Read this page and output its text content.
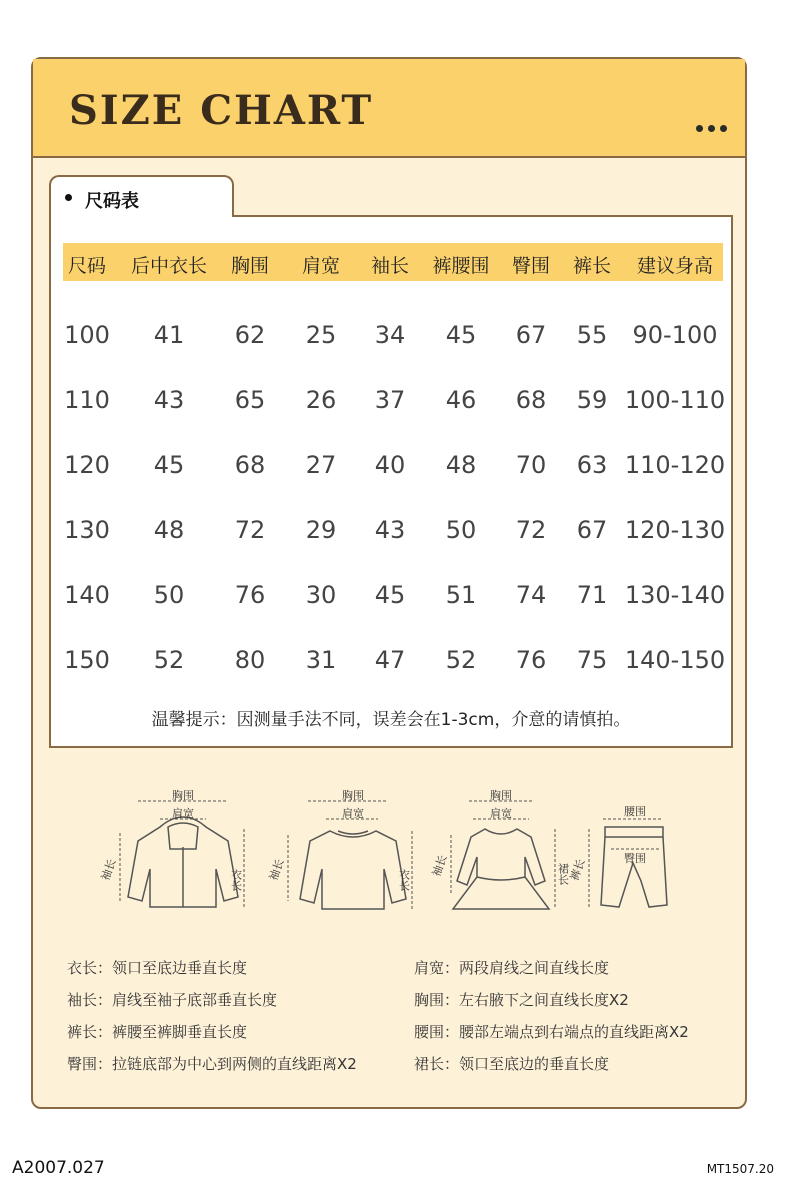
SIZE CHART
尺码表
尺码 后中衣长 胸围 肩宽 袖长 裤腰围 臀围 裤长 建议身高
100 41 62 25 34 45 67 55 90-100
110 43 65 26 37 46 68 59 100-110
120 45 68 27 40 48 70 63 110-120
130 48 72 29 43 50 72 67 120-130
140 50 76 30 45 51 74 71 130-140
150 52 80 31 47 52 76 75 140-150
温馨提示：因测量手法不同，误差会在1-3cm，介意的请慎拍。
胸围
肩宽
袖长	衣长
胸围
肩宽
袖长	衣长
胸围
肩宽
袖长	裙长
腰围
臀围
裤长
衣长：领口至底边垂直长度	肩宽：两段肩线之间直线长度
袖长：肩线至袖子底部垂直长度	胸围：左右腋下之间直线长度X2
裤长：裤腰至裤脚垂直长度	腰围：腰部左端点到右端点的直线距离X2
臀围：拉链底部为中心到两侧的直线距离X2	裙长：领口至底边的垂直长度
A2007.027	MT1507.20
